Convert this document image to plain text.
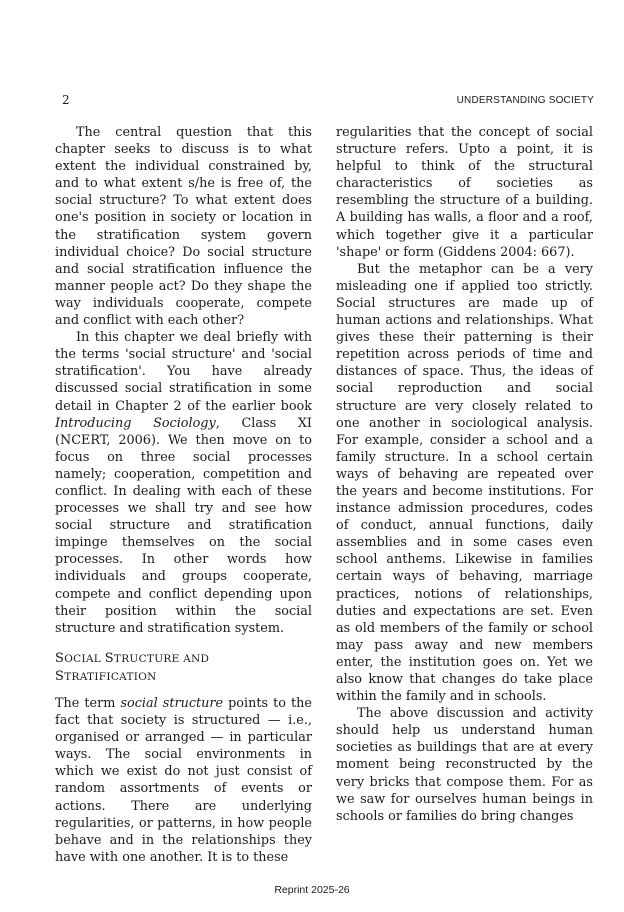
2	UNDERSTANDING SOCIETY

The central question that this chapter seeks to discuss is to what extent the individual constrained by, and to what extent s/he is free of, the social structure? To what extent does one's position in society or location in the stratification system govern individual choice? Do social structure and social stratification influence the manner people act? Do they shape the way individuals cooperate, compete and conflict with each other?

In this chapter we deal briefly with the terms 'social structure' and 'social stratification'. You have already discussed social stratification in some detail in Chapter 2 of the earlier book Introducing Sociology, Class XI (NCERT, 2006). We then move on to focus on three social processes namely; cooperation, competition and conflict. In dealing with each of these processes we shall try and see how social structure and stratification impinge themselves on the social processes. In other words how individuals and groups cooperate, compete and conflict depending upon their position within the social structure and stratification system.

SOCIAL STRUCTURE AND STRATIFICATION

The term social structure points to the fact that society is structured — i.e., organised or arranged — in particular ways. The social environments in which we exist do not just consist of random assortments of events or actions. There are underlying regularities, or patterns, in how people behave and in the relationships they have with one another. It is to these

regularities that the concept of social structure refers. Upto a point, it is helpful to think of the structural characteristics of societies as resembling the structure of a building. A building has walls, a floor and a roof, which together give it a particular 'shape' or form (Giddens 2004: 667).

But the metaphor can be a very misleading one if applied too strictly. Social structures are made up of human actions and relationships. What gives these their patterning is their repetition across periods of time and distances of space. Thus, the ideas of social reproduction and social structure are very closely related to one another in sociological analysis. For example, consider a school and a family structure. In a school certain ways of behaving are repeated over the years and become institutions. For instance admission procedures, codes of conduct, annual functions, daily assemblies and in some cases even school anthems. Likewise in families certain ways of behaving, marriage practices, notions of relationships, duties and expectations are set. Even as old members of the family or school may pass away and new members enter, the institution goes on. Yet we also know that changes do take place within the family and in schools.

The above discussion and activity should help us understand human societies as buildings that are at every moment being reconstructed by the very bricks that compose them. For as we saw for ourselves human beings in schools or families do bring changes

Reprint 2025-26
